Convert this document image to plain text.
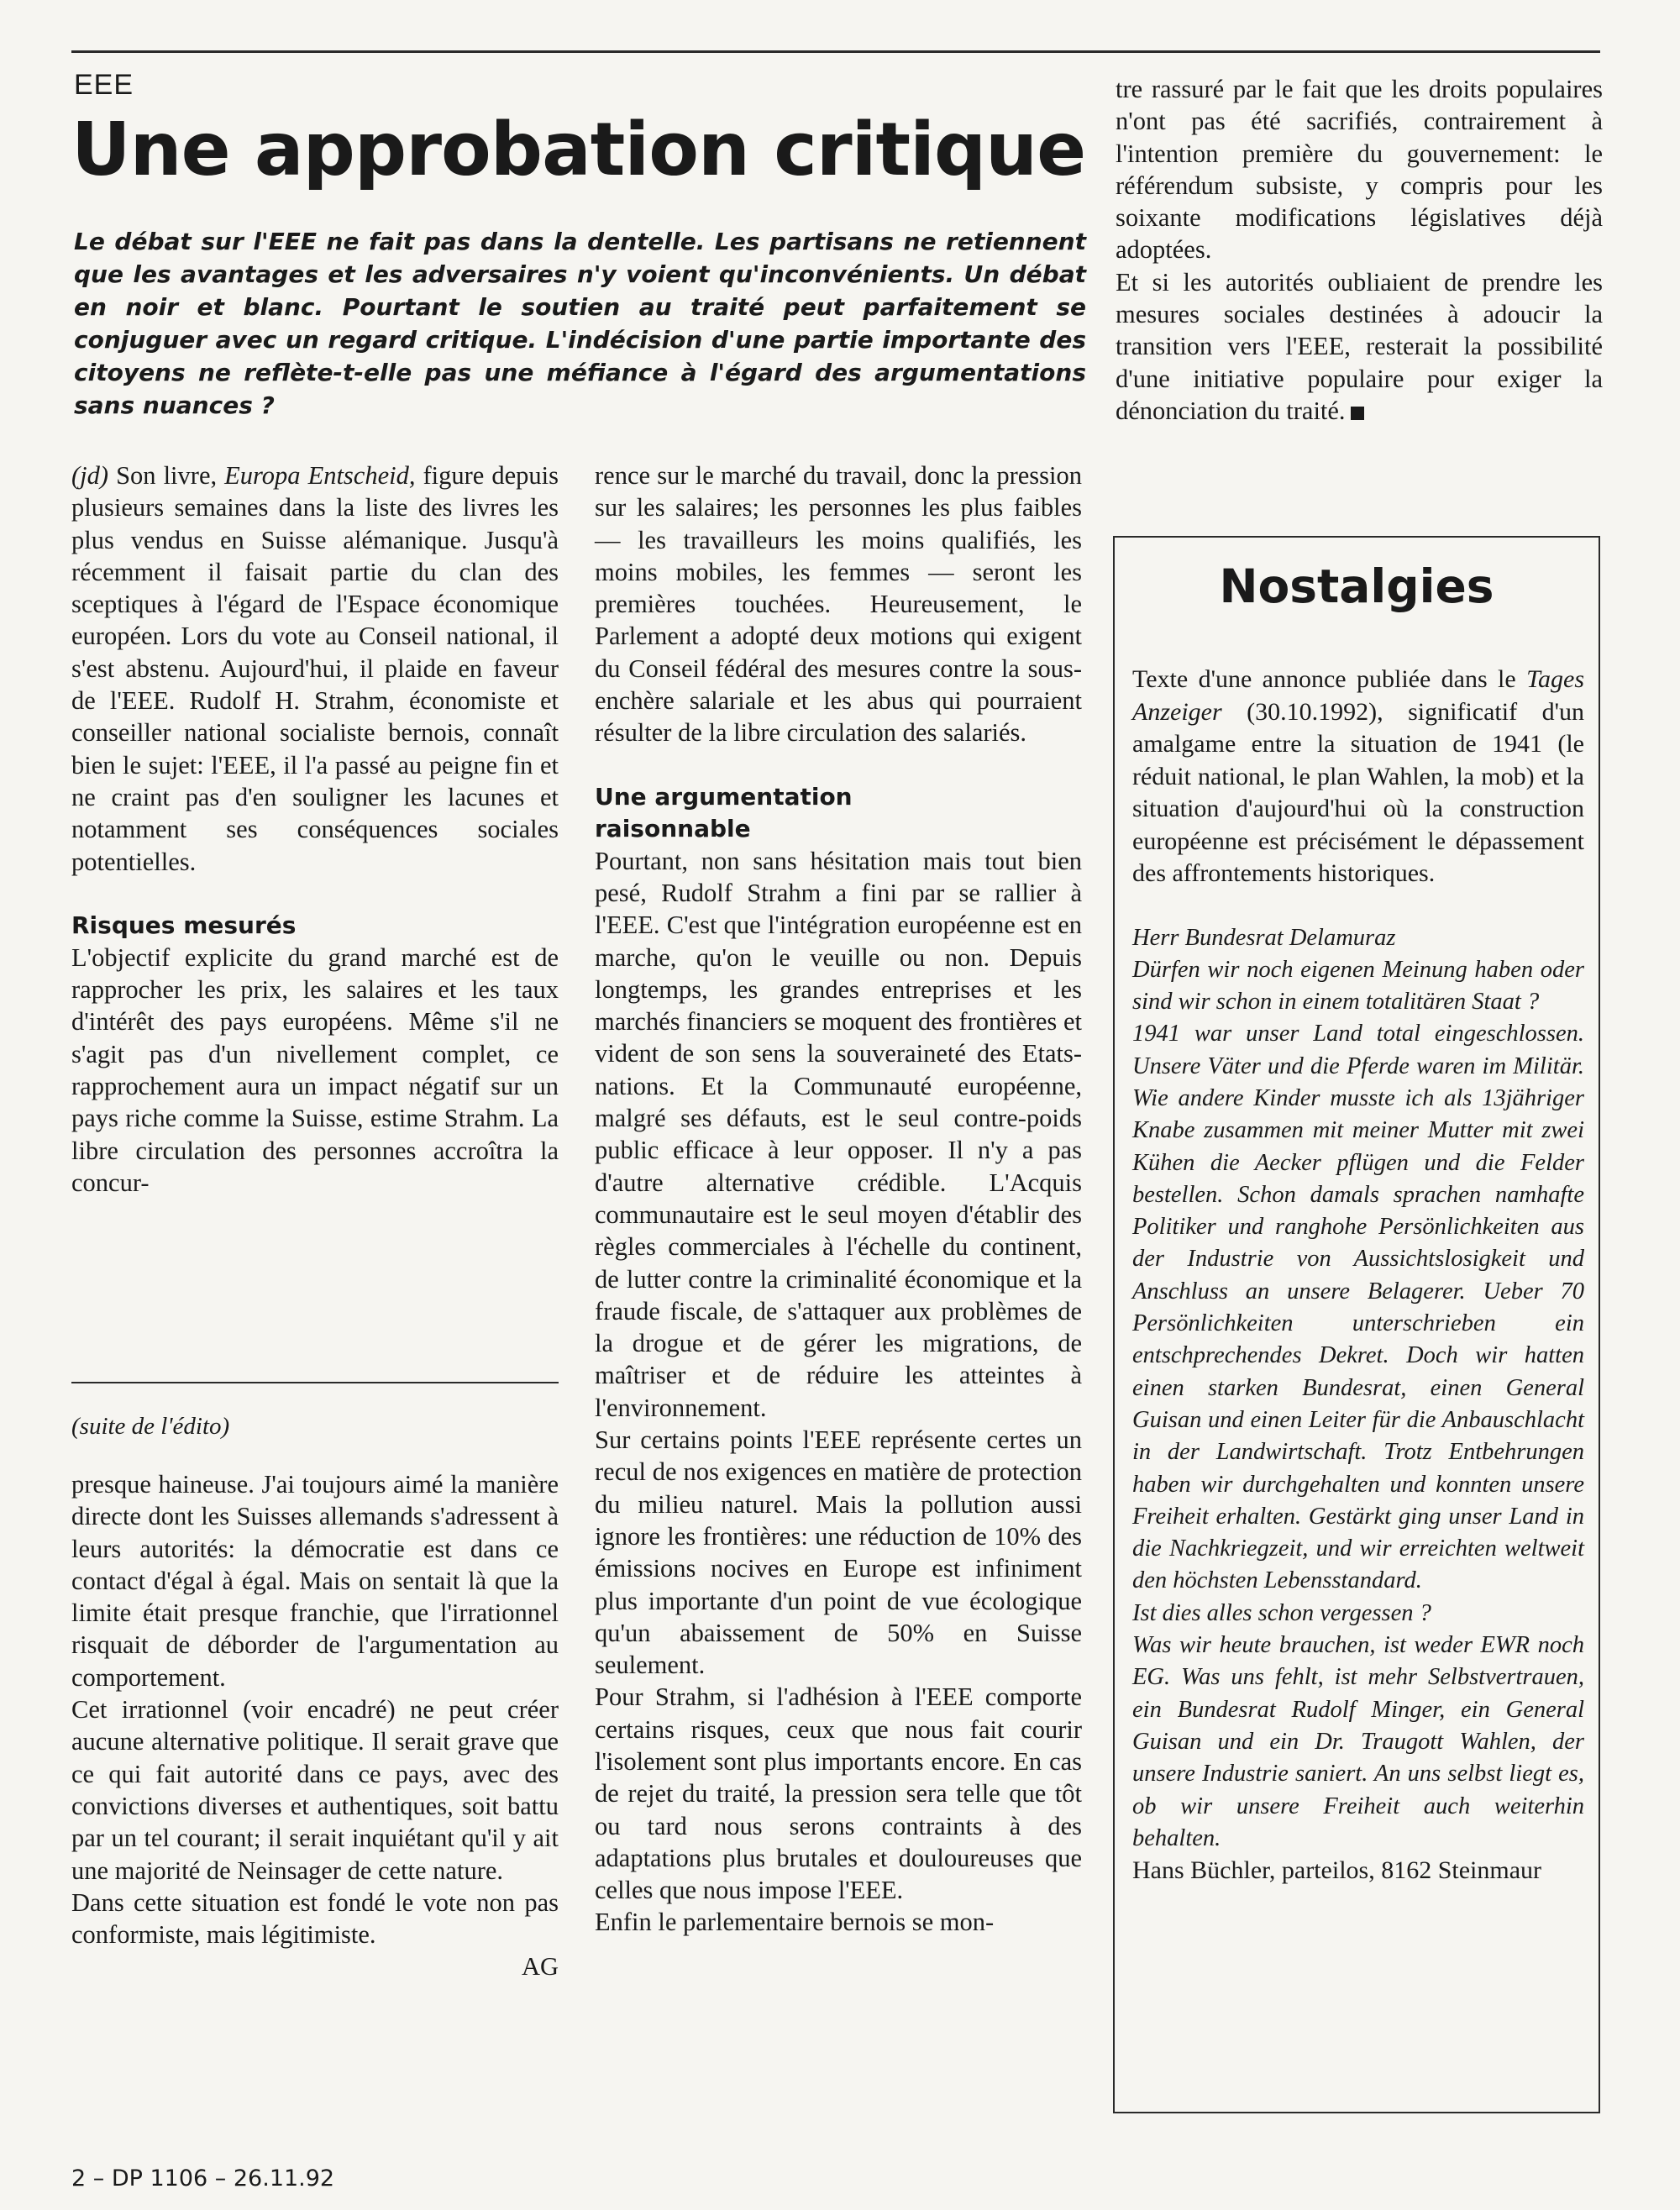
EEE
Une approbation critique

Le débat sur l'EEE ne fait pas dans la dentelle. Les partisans ne retiennent que les avantages et les adversaires n'y voient qu'inconvénients. Un débat en noir et blanc. Pourtant le soutien au traité peut parfaitement se conjuguer avec un regard critique. L'indécision d'une partie importante des citoyens ne reflète-t-elle pas une méfiance à l'égard des argumentations sans nuances ?

(jd) Son livre, Europa Entscheid, figure depuis plusieurs semaines dans la liste des livres les plus vendus en Suisse alémanique. Jusqu'à récemment il faisait partie du clan des sceptiques à l'égard de l'Espace économique européen. Lors du vote au Conseil national, il s'est abstenu. Aujourd'hui, il plaide en faveur de l'EEE. Rudolf H. Strahm, économiste et conseiller national socialiste bernois, connaît bien le sujet: l'EEE, il l'a passé au peigne fin et ne craint pas d'en souligner les lacunes et notamment ses conséquences sociales potentielles.

Risques mesurés

L'objectif explicite du grand marché est de rapprocher les prix, les salaires et les taux d'intérêt des pays européens. Même s'il ne s'agit pas d'un nivellement complet, ce rapprochement aura un impact négatif sur un pays riche comme la Suisse, estime Strahm. La libre circulation des personnes accroîtra la concur-

(suite de l'édito)

presque haineuse. J'ai toujours aimé la manière directe dont les Suisses allemands s'adressent à leurs autorités: la démocratie est dans ce contact d'égal à égal. Mais on sentait là que la limite était presque franchie, que l'irrationnel risquait de déborder de l'argumentation au comportement.

Cet irrationnel (voir encadré) ne peut créer aucune alternative politique. Il serait grave que ce qui fait autorité dans ce pays, avec des convictions diverses et authentiques, soit battu par un tel courant; il serait inquiétant qu'il y ait une majorité de Neinsager de cette nature.

Dans cette situation est fondé le vote non pas conformiste, mais légitimiste.

AG

rence sur le marché du travail, donc la pression sur les salaires; les personnes les plus faibles — les travailleurs les moins qualifiés, les moins mobiles, les femmes — seront les premières touchées. Heureusement, le Parlement a adopté deux motions qui exigent du Conseil fédéral des mesures contre la sous-enchère salariale et les abus qui pourraient résulter de la libre circulation des salariés.

Une argumentation
raisonnable

Pourtant, non sans hésitation mais tout bien pesé, Rudolf Strahm a fini par se rallier à l'EEE. C'est que l'intégration européenne est en marche, qu'on le veuille ou non. Depuis longtemps, les grandes entreprises et les marchés financiers se moquent des frontières et vident de son sens la souveraineté des Etats-nations. Et la Communauté européenne, malgré ses défauts, est le seul contre-poids public efficace à leur opposer. Il n'y a pas d'autre alternative crédible. L'Acquis communautaire est le seul moyen d'établir des règles commerciales à l'échelle du continent, de lutter contre la criminalité économique et la fraude fiscale, de s'attaquer aux problèmes de la drogue et de gérer les migrations, de maîtriser et de réduire les atteintes à l'environnement.

Sur certains points l'EEE représente certes un recul de nos exigences en matière de protection du milieu naturel. Mais la pollution aussi ignore les frontières: une réduction de 10% des émissions nocives en Europe est infiniment plus importante d'un point de vue écologique qu'un abaissement de 50% en Suisse seulement.

Pour Strahm, si l'adhésion à l'EEE comporte certains risques, ceux que nous fait courir l'isolement sont plus importants encore. En cas de rejet du traité, la pression sera telle que tôt ou tard nous serons contraints à des adaptations plus brutales et douloureuses que celles que nous impose l'EEE.

Enfin le parlementaire bernois se mon-

tre rassuré par le fait que les droits populaires n'ont pas été sacrifiés, contrairement à l'intention première du gouvernement: le référendum subsiste, y compris pour les soixante modifications législatives déjà adoptées.

Et si les autorités oubliaient de prendre les mesures sociales destinées à adoucir la transition vers l'EEE, resterait la possibilité d'une initiative populaire pour exiger la dénonciation du traité.

Nostalgies

Texte d'une annonce publiée dans le Tages Anzeiger (30.10.1992), significatif d'un amalgame entre la situation de 1941 (le réduit national, le plan Wahlen, la mob) et la situation d'aujourd'hui où la construction européenne est précisément le dépassement des affrontements historiques.

Herr Bundesrat Delamuraz

Dürfen wir noch eigenen Meinung haben oder sind wir schon in einem totalitären Staat ?

1941 war unser Land total eingeschlossen. Unsere Väter und die Pferde waren im Militär. Wie andere Kinder musste ich als 13jähriger Knabe zusammen mit meiner Mutter mit zwei Kühen die Aecker pflügen und die Felder bestellen. Schon damals sprachen namhafte Politiker und ranghohe Persönlichkeiten aus der Industrie von Aussichtslosigkeit und Anschluss an unsere Belagerer. Ueber 70 Persönlichkeiten unterschrieben ein entschprechendes Dekret. Doch wir hatten einen starken Bundesrat, einen General Guisan und einen Leiter für die Anbauschlacht in der Landwirtschaft. Trotz Entbehrungen haben wir durchgehalten und konnten unsere Freiheit erhalten. Gestärkt ging unser Land in die Nachkriegzeit, und wir erreichten weltweit den höchsten Lebensstandard.

Ist dies alles schon vergessen ?

Was wir heute brauchen, ist weder EWR noch EG. Was uns fehlt, ist mehr Selbstvertrauen, ein Bundesrat Rudolf Minger, ein General Guisan und ein Dr. Traugott Wahlen, der unsere Industrie saniert. An uns selbst liegt es, ob wir unsere Freiheit auch weiterhin behalten.

Hans Büchler, parteilos, 8162 Steinmaur

2 – DP 1106 – 26.11.92
